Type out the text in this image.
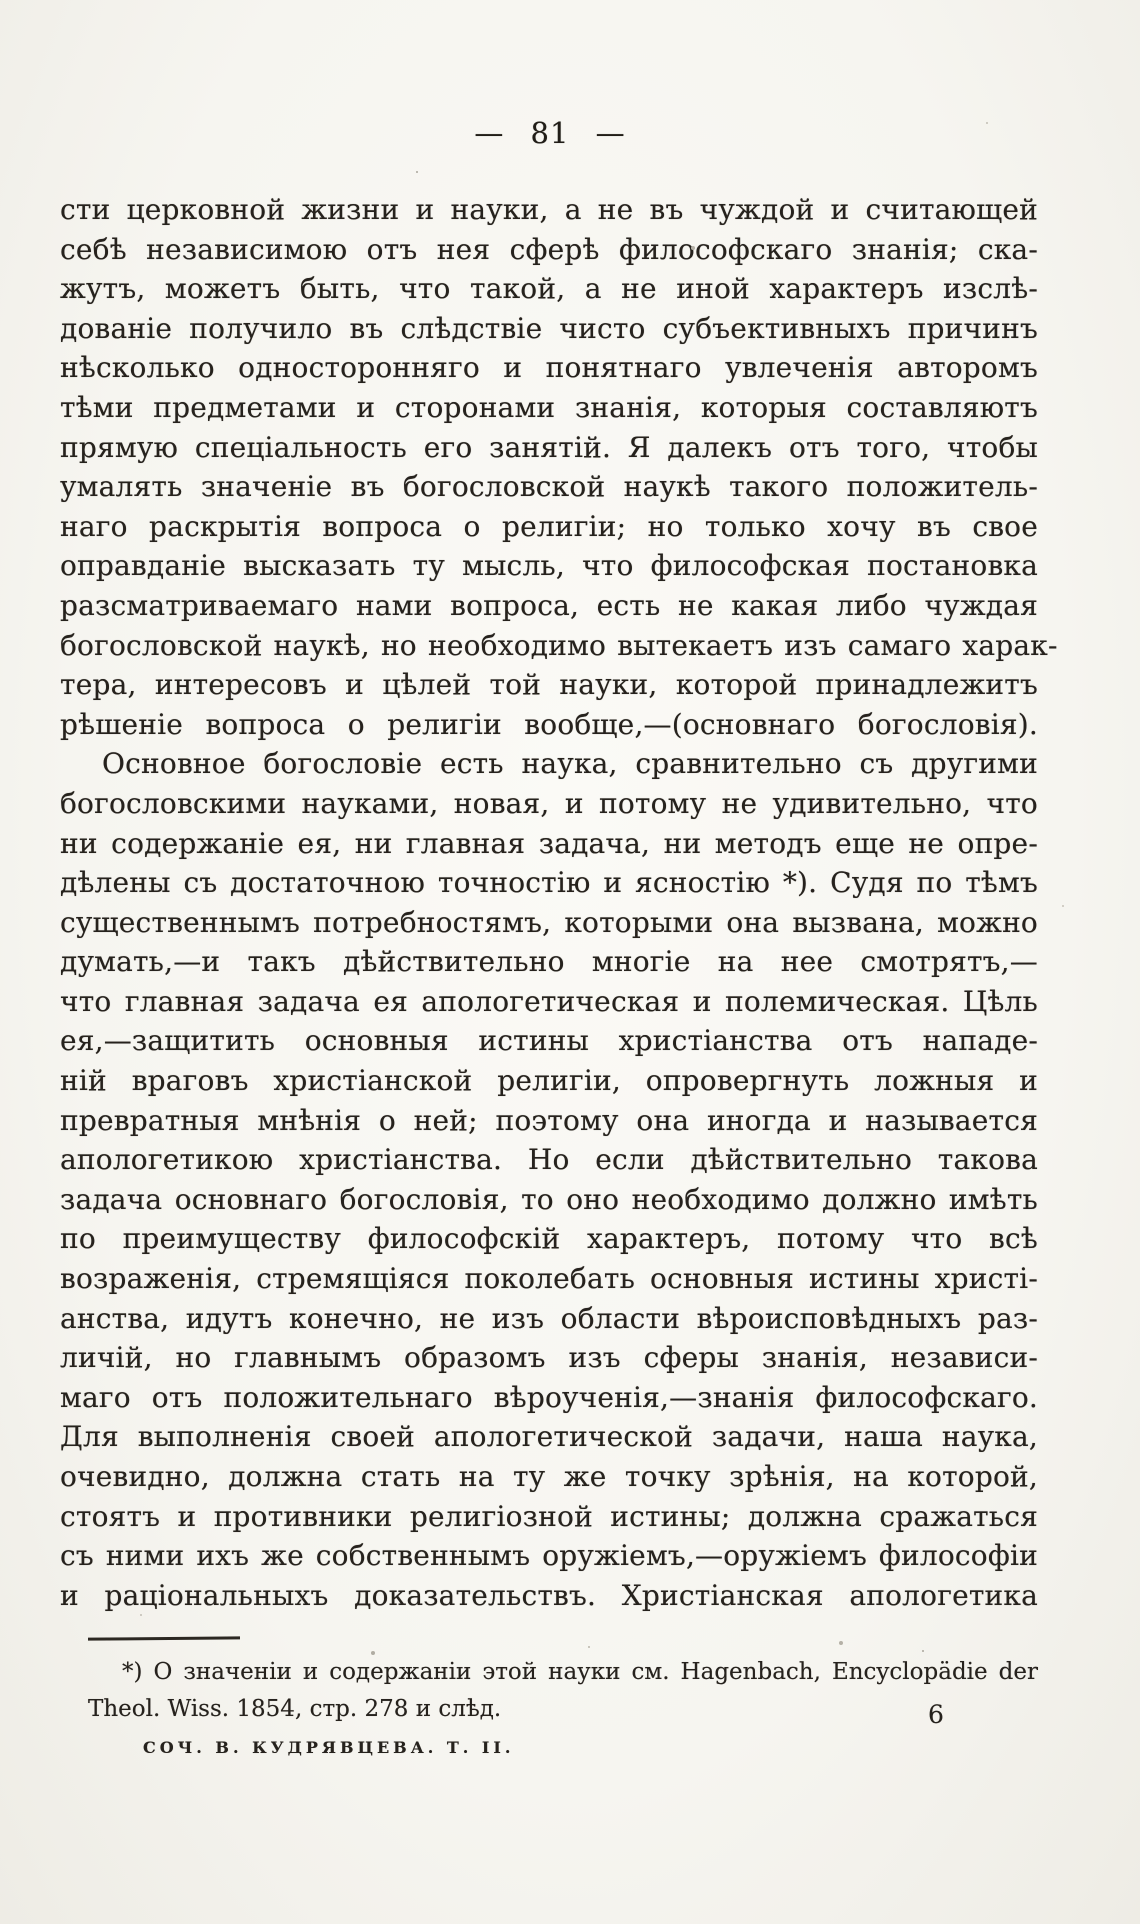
— 81 —
сти церковной жизни и науки, а не въ чуждой и считающей
себѣ независимою отъ нея сферѣ философскаго знанія; ска-
жутъ, можетъ быть, что такой, а не иной характеръ изслѣ-
дованіе получило въ слѣдствіе чисто субъективныхъ причинъ
нѣсколько односторонняго и понятнаго увлеченія авторомъ
тѣми предметами и сторонами знанія, которыя составляютъ
прямую спеціальность его занятій. Я далекъ отъ того, чтобы
умалять значеніе въ богословской наукѣ такого положитель-
наго раскрытія вопроса о религіи; но только хочу въ свое
оправданіе высказать ту мысль, что философская постановка
разсматриваемаго нами вопроса, есть не какая либо чуждая
богословской наукѣ, но необходимо вытекаетъ изъ самаго харак-
тера, интересовъ и цѣлей той науки, которой принадлежитъ
рѣшеніе вопроса о религіи вообще,—(основнаго богословія).
Основное богословіе есть наука, сравнительно съ другими
богословскими науками, новая, и потому не удивительно, что
ни содержаніе ея, ни главная задача, ни методъ еще не опре-
дѣлены съ достаточною точностію и ясностію *). Судя по тѣмъ
существеннымъ потребностямъ, которыми она вызвана, можно
думать,—и такъ дѣйствительно многіе на нее смотрятъ,—
что главная задача ея апологетическая и полемическая. Цѣль
ея,—защитить основныя истины христіанства отъ нападе-
ній враговъ христіанской религіи, опровергнуть ложныя и
превратныя мнѣнія о ней; поэтому она иногда и называется
апологетикою христіанства. Но если дѣйствительно такова
задача основнаго богословія, то оно необходимо должно имѣть
по преимуществу философскій характеръ, потому что всѣ
возраженія, стремящіяся поколебать основныя истины христі-
анства, идутъ конечно, не изъ области вѣроисповѣдныхъ раз-
личій, но главнымъ образомъ изъ сферы знанія, независи-
маго отъ положительнаго вѣроученія,—знанія философскаго.
Для выполненія своей апологетической задачи, наша наука,
очевидно, должна стать на ту же точку зрѣнія, на которой,
стоятъ и противники религіозной истины; должна сражаться
съ ними ихъ же собственнымъ оружіемъ,—оружіемъ философіи
и раціональныхъ доказательствъ. Христіанская апологетика
*) О значеніи и содержаніи этой науки см. Hagenbach, Encyclopädie der
Theol. Wiss. 1854, стр. 278 и слѣд.
СОЧ. В. КУДРЯВЦЕВА. Т. II.
6
